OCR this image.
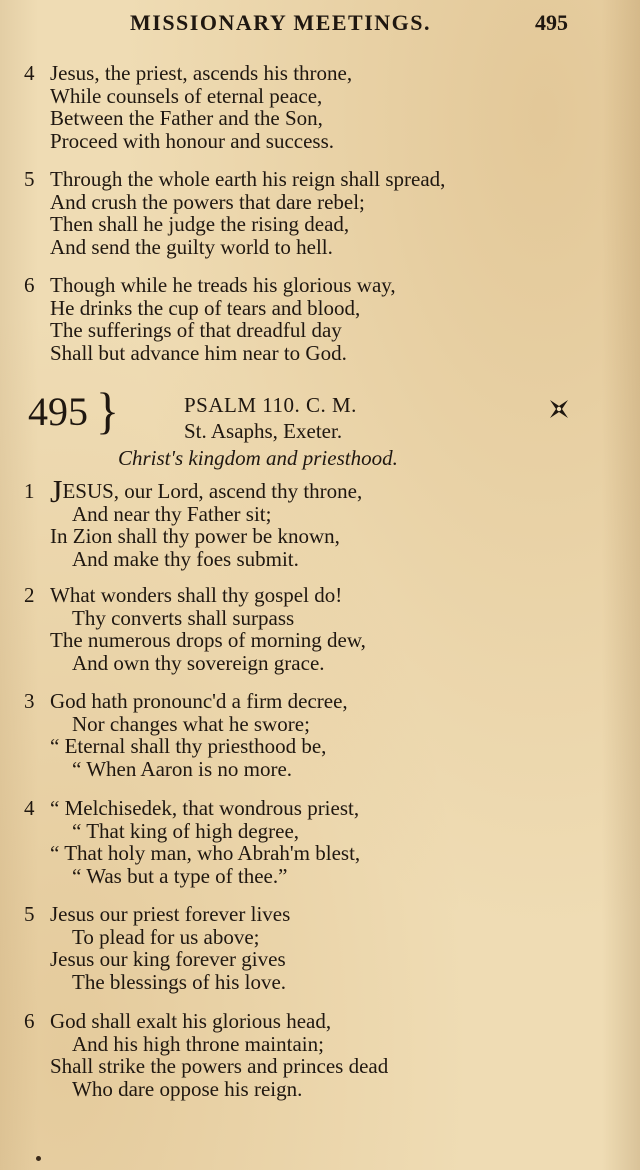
MISSIONARY MEETINGS.	495
4 Jesus, the priest, ascends his throne,
While counsels of eternal peace,
Between the Father and the Son,
Proceed with honour and success.
5 Through the whole earth his reign shall spread,
And crush the powers that dare rebel;
Then shall he judge the rising dead,
And send the guilty world to hell.
6 Though while he treads his glorious way,
He drinks the cup of tears and blood,
The sufferings of that dreadful day
Shall but advance him near to God.
495 }	PSALM 110. C. M.
St. Asaphs, Exeter.
Christ's kingdom and priesthood.
1 JESUS, our Lord, ascend thy throne,
And near thy Father sit;
In Zion shall thy power be known,
And make thy foes submit.
2 What wonders shall thy gospel do!
Thy converts shall surpass
The numerous drops of morning dew,
And own thy sovereign grace.
3 God hath pronounc'd a firm decree,
Nor changes what he swore;
“ Eternal shall thy priesthood be,
“ When Aaron is no more.
4 “ Melchisedek, that wondrous priest,
“ That king of high degree,
“ That holy man, who Abrah'm blest,
“ Was but a type of thee.”
5 Jesus our priest forever lives
To plead for us above;
Jesus our king forever gives
The blessings of his love.
6 God shall exalt his glorious head,
And his high throne maintain;
Shall strike the powers and princes dead
Who dare oppose his reign.
